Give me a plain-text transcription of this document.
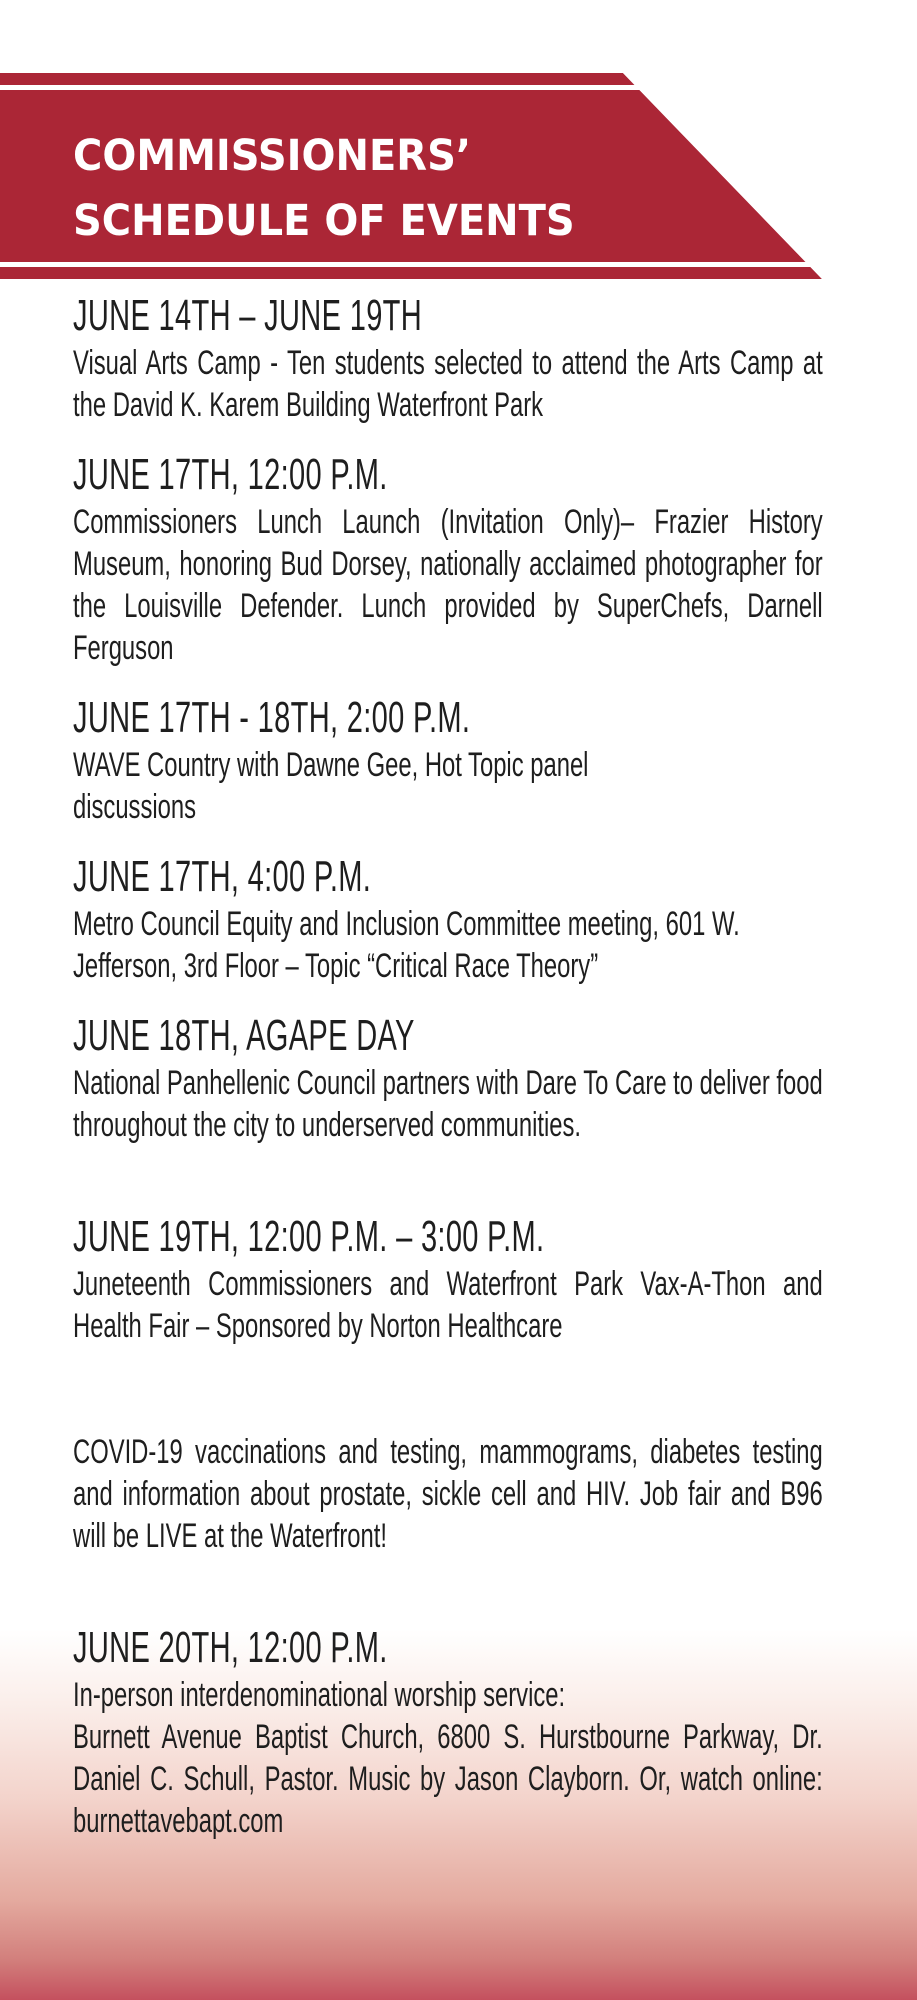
COMMISSIONERS’
SCHEDULE OF EVENTS
JUNE 14TH – JUNE 19TH

Visual Arts Camp - Ten students selected to attend the Arts Camp at the David K. Karem Building Waterfront Park

JUNE 17TH, 12:00 P.M.

Commissioners Lunch Launch (Invitation Only)– Frazier History Museum, honoring Bud Dorsey, nationally acclaimed photographer for the Louisville Defender. Lunch provided by SuperChefs, Darnell Ferguson

JUNE 17TH - 18TH, 2:00 P.M.

WAVE Country with Dawne Gee, Hot Topic panel discussions

JUNE 17TH, 4:00 P.M.

Metro Council Equity and Inclusion Committee meeting, 601 W. Jefferson, 3rd Floor – Topic “Critical Race Theory”

JUNE 18TH, AGAPE DAY

National Panhellenic Council partners with Dare To Care to deliver food throughout the city to underserved communities.

JUNE 19TH, 12:00 P.M. – 3:00 P.M.

Juneteenth Commissioners and Waterfront Park Vax-A-Thon and Health Fair – Sponsored by Norton Healthcare

COVID-19 vaccinations and testing, mammograms, diabetes testing and information about prostate, sickle cell and HIV. Job fair and B96 will be LIVE at the Waterfront!

JUNE 20TH, 12:00 P.M.

In-person interdenominational worship service:

Burnett Avenue Baptist Church, 6800 S. Hurstbourne Parkway, Dr. Daniel C. Schull, Pastor. Music by Jason Clayborn. Or, watch online: burnettavebapt.com
